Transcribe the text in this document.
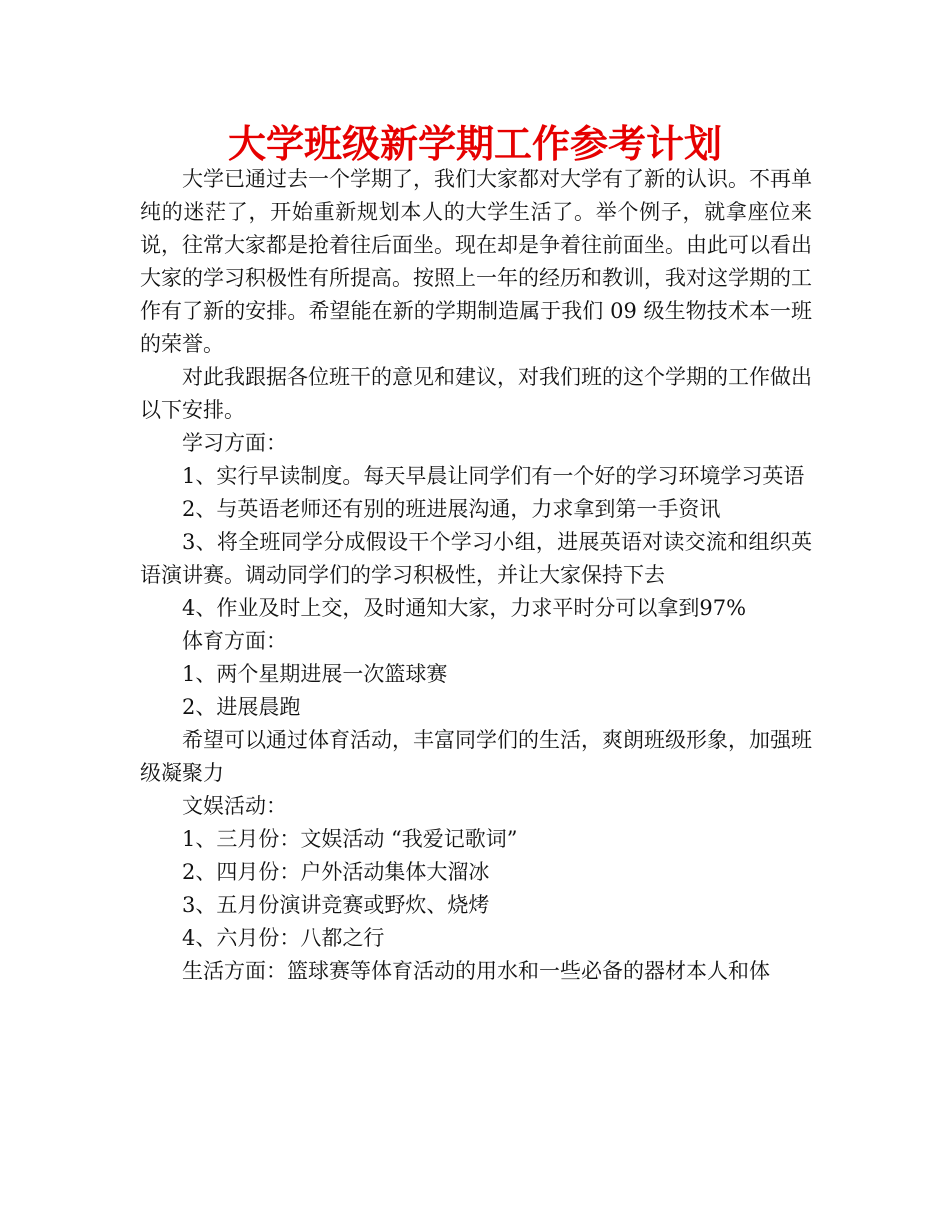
大学班级新学期工作参考计划

大学已通过去一个学期了，我们大家都对大学有了新的认识。不再单纯的迷茫了，开始重新规划本人的大学生活了。举个例子，就拿座位来说，往常大家都是抢着往后面坐。现在却是争着往前面坐。由此可以看出大家的学习积极性有所提高。按照上一年的经历和教训，我对这学期的工作有了新的安排。希望能在新的学期制造属于我们 09 级生物技术本一班的荣誉。

对此我跟据各位班干的意见和建议，对我们班的这个学期的工作做出以下安排。

学习方面：

1、实行早读制度。每天早晨让同学们有一个好的学习环境学习英语

2、与英语老师还有别的班进展沟通，力求拿到第一手资讯

3、将全班同学分成假设干个学习小组，进展英语对读交流和组织英语演讲赛。调动同学们的学习积极性，并让大家保持下去

4、作业及时上交，及时通知大家，力求平时分可以拿到97%

体育方面：

1、两个星期进展一次篮球赛

2、进展晨跑

希望可以通过体育活动，丰富同学们的生活，爽朗班级形象，加强班级凝聚力

文娱活动：

1、三月份：文娱活动 “我爱记歌词”

2、四月份：户外活动集体大溜冰

3、五月份演讲竞赛或野炊、烧烤

4、六月份：八都之行

生活方面：篮球赛等体育活动的用水和一些必备的器材本人和体
